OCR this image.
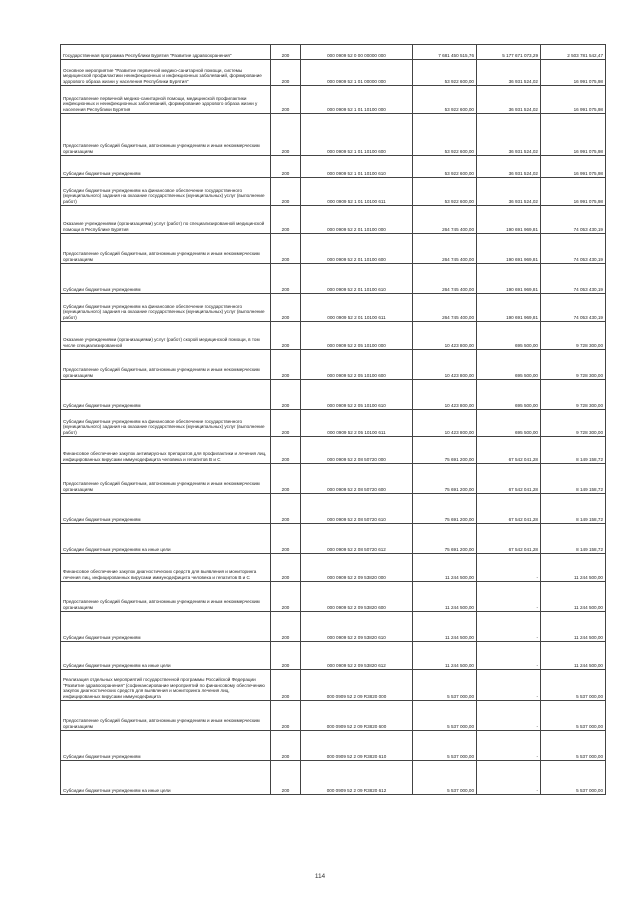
Государственная программа Республики Бурятия "Развитие здравоохранения"	200	000 0909 52 0 00 00000 000	7 681 450 515,76	5 177 671 073,29	2 503 781 542,47
Основное мероприятие "Развитие первичной медико-санитарной помощи, системы медицинской профилактики неинфекционных и инфекционных заболеваний, формирование здорового образа жизни у населения Республики Бурятия"	200	000 0909 52 1 01 00000 000	53 922 600,00	36 931 524,02	16 991 075,98
Предоставление первичной медико-санитарной помощи, медицинской профилактики инфекционных и неинфекционных заболеваний, формирование здорового образа жизни у населения Республики Бурятия	200	000 0909 52 1 01 10100 000	53 922 600,00	36 931 524,02	16 991 075,98
Предоставление субсидий бюджетным, автономным учреждениям и иным некоммерческим организациям	200	000 0909 52 1 01 10100 600	53 922 600,00	36 931 524,02	16 991 075,98
Субсидии бюджетным учреждениям	200	000 0909 52 1 01 10100 610	53 922 600,00	36 931 524,02	16 991 075,98
Субсидии бюджетным учреждениям на финансовое обеспечение государственного (муниципального) задания на оказание государственных (муниципальных) услуг (выполнение работ)	200	000 0909 52 1 01 10100 611	53 922 600,00	36 931 524,02	16 991 075,98
Оказание учреждениями (организациями) услуг (работ) по специализированной медицинской помощи в Республике Бурятия	200	000 0909 52 2 01 10100 000	264 745 400,00	190 691 969,81	74 053 430,19
Предоставление субсидий бюджетным, автономным учреждениям и иным некоммерческим организациям	200	000 0909 52 2 01 10100 600	264 745 400,00	190 691 969,81	74 053 430,19
Субсидии бюджетным учреждениям	200	000 0909 52 2 01 10100 610	264 745 400,00	190 691 969,81	74 053 430,19
Субсидии бюджетным учреждениям на финансовое обеспечение государственного (муниципального) задания на оказание государственных (муниципальных) услуг (выполнение работ)	200	000 0909 52 2 01 10100 611	264 745 400,00	190 691 969,81	74 053 430,19
Оказание учреждениями (организациями) услуг (работ) скорой медицинской помощи, в том числе специализированной	200	000 0909 52 2 05 10100 000	10 423 800,00	695 500,00	9 728 300,00
Предоставление субсидий бюджетным, автономным учреждениям и иным некоммерческим организациям	200	000 0909 52 2 05 10100 600	10 423 800,00	695 500,00	9 728 300,00
Субсидии бюджетным учреждениям	200	000 0909 52 2 05 10100 610	10 423 800,00	695 500,00	9 728 300,00
Субсидии бюджетным учреждениям на финансовое обеспечение государственного (муниципального) задания на оказание государственных (муниципальных) услуг (выполнение работ)	200	000 0909 52 2 05 10100 611	10 423 800,00	695 500,00	9 728 300,00
Финансовое обеспечение закупок антивирусных препаратов для профилактики и лечения лиц, инфицированных вирусами иммунодефицита человека и гепатитов В и С	200	000 0909 52 2 08 50720 000	75 691 200,00	67 542 041,28	8 149 158,72
Предоставление субсидий бюджетным, автономным учреждениям и иным некоммерческим организациям	200	000 0909 52 2 08 50720 600	75 691 200,00	67 542 041,28	8 149 158,72
Субсидии бюджетным учреждениям	200	000 0909 52 2 08 50720 610	75 691 200,00	67 542 041,28	8 149 158,72
Субсидии бюджетным учреждениям на иные цели	200	000 0909 52 2 08 50720 612	75 691 200,00	67 542 041,28	8 149 158,72
Финансовое обеспечение закупок диагностических средств для выявления и мониторинга лечения лиц, инфицированных вирусами иммунодефицита человека и гепатитов В и С	200	000 0909 52 2 09 53820 000	11 244 500,00	-	11 244 500,00
Предоставление субсидий бюджетным, автономным учреждениям и иным некоммерческим организациям	200	000 0909 52 2 09 53820 600	11 244 500,00	-	11 244 500,00
Субсидии бюджетным учреждениям	200	000 0909 52 2 09 53820 610	11 244 500,00	-	11 244 500,00
Субсидии бюджетным учреждениям на иные цели	200	000 0909 52 2 09 53820 612	11 244 500,00	-	11 244 500,00
Реализация отдельных мероприятий государственной программы Российской Федерации "Развитие здравоохранения" (софинансирование мероприятий по финансовому обеспечению закупок диагностических средств для выявления и мониторинга лечения лиц, инфицированных вирусами иммунодефицита	200	000 0909 52 2 09 R3820 000	5 537 000,00	-	5 537 000,00
Предоставление субсидий бюджетным, автономным учреждениям и иным некоммерческим организациям	200	000 0909 52 2 09 R3820 600	5 537 000,00	-	5 537 000,00
Субсидии бюджетным учреждениям	200	000 0909 52 2 09 R3820 610	5 537 000,00	-	5 537 000,00
Субсидии бюджетным учреждениям на иные цели	200	000 0909 52 2 09 R3820 612	5 537 000,00	-	5 537 000,00
114
